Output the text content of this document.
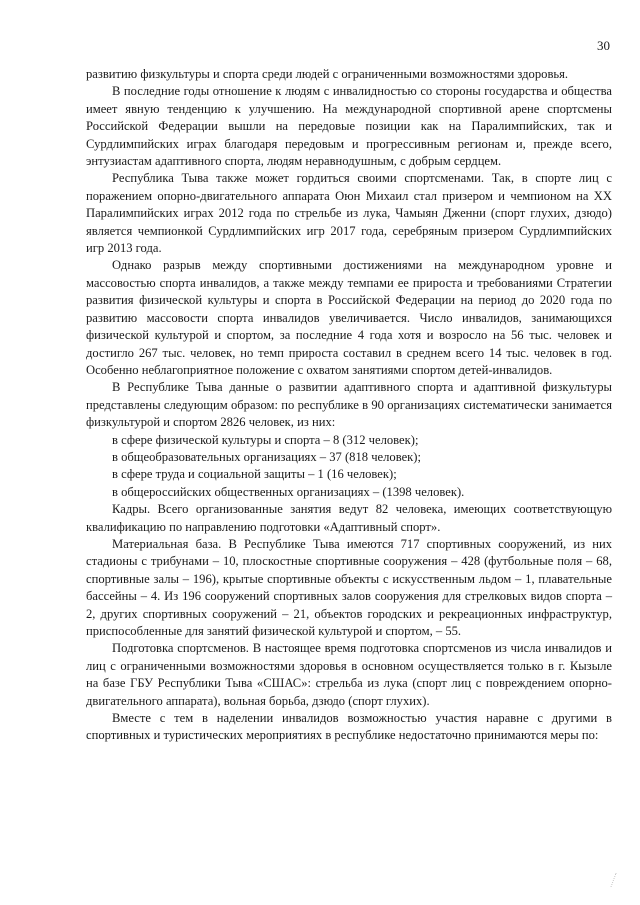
30

развитию физкультуры и спорта среди людей с ограниченными возможностями здоровья.

В последние годы отношение к людям с инвалидностью со стороны государства и общества имеет явную тенденцию к улучшению. На международной спортивной арене спортсмены Российской Федерации вышли на передовые позиции как на Паралимпийских, так и Сурдлимпийских играх благодаря передовым и прогрессивным регионам и, прежде всего, энтузиастам адаптивного спорта, людям неравнодушным, с добрым сердцем.

Республика Тыва также может гордиться своими спортсменами. Так, в спорте лиц с поражением опорно-двигательного аппарата Оюн Михаил стал призером и чемпионом на XX Паралимпийских играх 2012 года по стрельбе из лука, Чамыян Дженни (спорт глухих, дзюдо) является чемпионкой Сурдлимпийских игр 2017 года, серебряным призером Сурдлимпийских игр 2013 года.

Однако разрыв между спортивными достижениями на международном уровне и массовостью спорта инвалидов, а также между темпами ее прироста и требованиями Стратегии развития физической культуры и спорта в Российской Федерации на период до 2020 года по развитию массовости спорта инвалидов увеличивается. Число инвалидов, занимающихся физической культурой и спортом, за последние 4 года хотя и возросло на 56 тыс. человек и достигло 267 тыс. человек, но темп прироста составил в среднем всего 14 тыс. человек в год. Особенно неблагоприятное положение с охватом занятиями спортом детей-инвалидов.

В Республике Тыва данные о развитии адаптивного спорта и адаптивной физкультуры представлены следующим образом: по республике в 90 организациях систематически занимается физкультурой и спортом 2826 человек, из них:

в сфере физической культуры и спорта – 8 (312 человек);

в общеобразовательных организациях – 37 (818 человек);

в сфере труда и социальной защиты – 1 (16 человек);

в общероссийских общественных организациях – (1398 человек).

Кадры. Всего организованные занятия ведут 82 человека, имеющих соответствующую квалификацию по направлению подготовки «Адаптивный спорт».

Материальная база. В Республике Тыва имеются 717 спортивных сооружений, из них стадионы с трибунами – 10, плоскостные спортивные сооружения – 428 (футбольные поля – 68, спортивные залы – 196), крытые спортивные объекты с искусственным льдом – 1, плавательные бассейны – 4. Из 196 сооружений спортивных залов сооружения для стрелковых видов спорта – 2, других спортивных сооружений – 21, объектов городских и рекреационных инфраструктур, приспособленные для занятий физической культурой и спортом, – 55.

Подготовка спортсменов. В настоящее время подготовка спортсменов из числа инвалидов и лиц с ограниченными возможностями здоровья в основном осуществляется только в г. Кызыле на базе ГБУ Республики Тыва «СШАС»: стрельба из лука (спорт лиц с повреждением опорно-двигательного аппарата), вольная борьба, дзюдо (спорт глухих).

Вместе с тем в наделении инвалидов возможностью участия наравне с другими в спортивных и туристических мероприятиях в республике недостаточно принимаются меры по:
